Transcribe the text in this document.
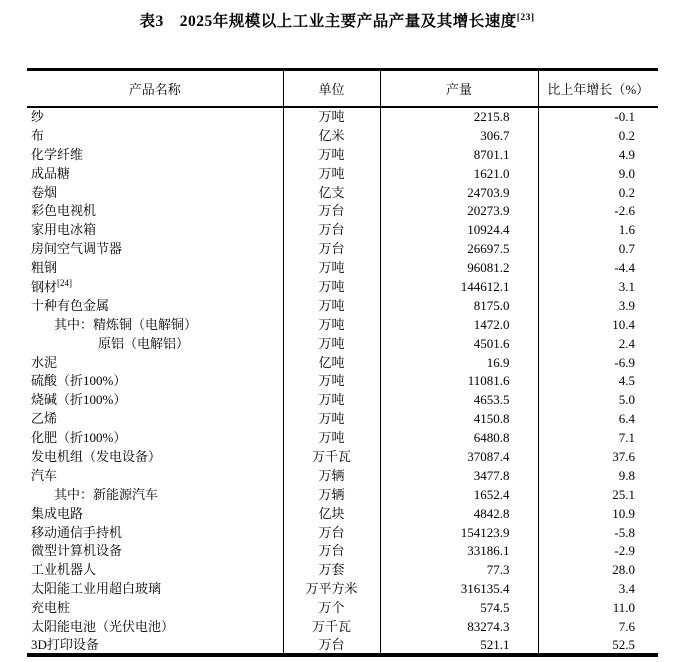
表3　2025年规模以上工业主要产品产量及其增长速度[23]
产品名称	单位	产量	比上年增长（%）
纱	万吨	2215.8	-0.1
布	亿米	306.7	0.2
化学纤维	万吨	8701.1	4.9
成品糖	万吨	1621.0	9.0
卷烟	亿支	24703.9	0.2
彩色电视机	万台	20273.9	-2.6
家用电冰箱	万台	10924.4	1.6
房间空气调节器	万台	26697.5	0.7
粗钢	万吨	96081.2	-4.4
钢材[24]	万吨	144612.1	3.1
十种有色金属	万吨	8175.0	3.9
其中：精炼铜（电解铜）	万吨	1472.0	10.4
原铝（电解铝）	万吨	4501.6	2.4
水泥	亿吨	16.9	-6.9
硫酸（折100%）	万吨	11081.6	4.5
烧碱（折100%）	万吨	4653.5	5.0
乙烯	万吨	4150.8	6.4
化肥（折100%）	万吨	6480.8	7.1
发电机组（发电设备）	万千瓦	37087.4	37.6
汽车	万辆	3477.8	9.8
其中：新能源汽车	万辆	1652.4	25.1
集成电路	亿块	4842.8	10.9
移动通信手持机	万台	154123.9	-5.8
微型计算机设备	万台	33186.1	-2.9
工业机器人	万套	77.3	28.0
太阳能工业用超白玻璃	万平方米	316135.4	3.4
充电桩	万个	574.5	11.0
太阳能电池（光伏电池）	万千瓦	83274.3	7.6
3D打印设备	万台	521.1	52.5
